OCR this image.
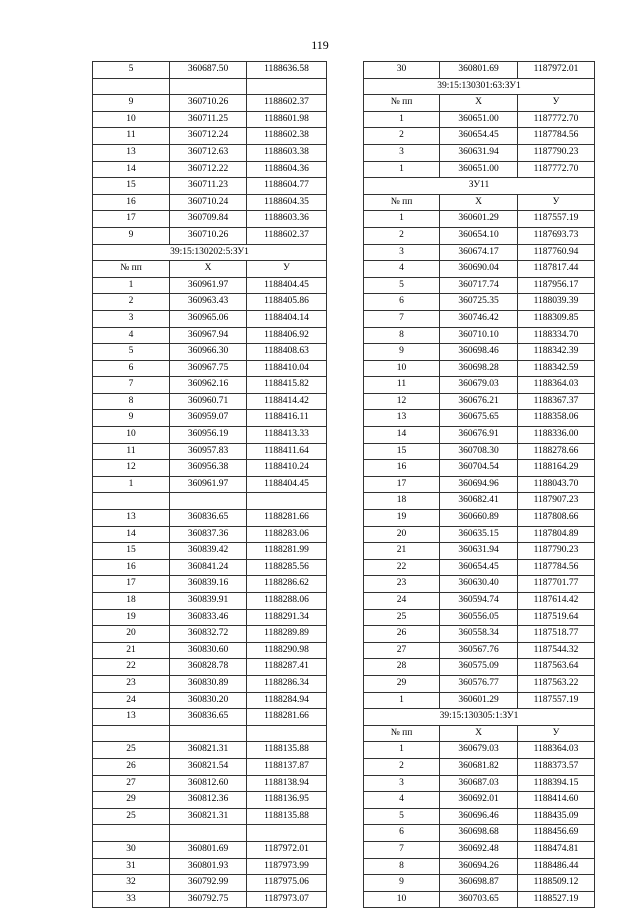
119
5	360687.50	1188636.58

9	360710.26	1188602.37
10	360711.25	1188601.98
11	360712.24	1188602.38
13	360712.63	1188603.38
14	360712.22	1188604.36
15	360711.23	1188604.77
16	360710.24	1188604.35
17	360709.84	1188603.36
9	360710.26	1188602.37
39:15:130202:5:ЗУ1		
№ пп	X	У
1	360961.97	1188404.45
2	360963.43	1188405.86
3	360965.06	1188404.14
4	360967.94	1188406.92
5	360966.30	1188408.63
6	360967.75	1188410.04
7	360962.16	1188415.82
8	360960.71	1188414.42
9	360959.07	1188416.11
10	360956.19	1188413.33
11	360957.83	1188411.64
12	360956.38	1188410.24
1	360961.97	1188404.45

13	360836.65	1188281.66
14	360837.36	1188283.06
15	360839.42	1188281.99
16	360841.24	1188285.56
17	360839.16	1188286.62
18	360839.91	1188288.06
19	360833.46	1188291.34
20	360832.72	1188289.89
21	360830.60	1188290.98
22	360828.78	1188287.41
23	360830.89	1188286.34
24	360830.20	1188284.94
13	360836.65	1188281.66

25	360821.31	1188135.88
26	360821.54	1188137.87
27	360812.60	1188138.94
29	360812.36	1188136.95
25	360821.31	1188135.88

30	360801.69	1187972.01
31	360801.93	1187973.99
32	360792.99	1187975.06
33	360792.75	1187973.07
30	360801.69	1187972.01
39:15:130301:63:ЗУ1		
№ пп	X	У
1	360651.00	1187772.70
2	360654.45	1187784.56
3	360631.94	1187790.23
1	360651.00	1187772.70
ЗУ11		
№ пп	X	У
1	360601.29	1187557.19
2	360654.10	1187693.73
3	360674.17	1187760.94
4	360690.04	1187817.44
5	360717.74	1187956.17
6	360725.35	1188039.39
7	360746.42	1188309.85
8	360710.10	1188334.70
9	360698.46	1188342.39
10	360698.28	1188342.59
11	360679.03	1188364.03
12	360676.21	1188367.37
13	360675.65	1188358.06
14	360676.91	1188336.00
15	360708.30	1188278.66
16	360704.54	1188164.29
17	360694.96	1188043.70
18	360682.41	1187907.23
19	360660.89	1187808.66
20	360635.15	1187804.89
21	360631.94	1187790.23
22	360654.45	1187784.56
23	360630.40	1187701.77
24	360594.74	1187614.42
25	360556.05	1187519.64
26	360558.34	1187518.77
27	360567.76	1187544.32
28	360575.09	1187563.64
29	360576.77	1187563.22
1	360601.29	1187557.19
39:15:130305:1:ЗУ1		
№ пп	X	У
1	360679.03	1188364.03
2	360681.82	1188373.57
3	360687.03	1188394.15
4	360692.01	1188414.60
5	360696.46	1188435.09
6	360698.68	1188456.69
7	360692.48	1188474.81
8	360694.26	1188486.44
9	360698.87	1188509.12
10	360703.65	1188527.19
